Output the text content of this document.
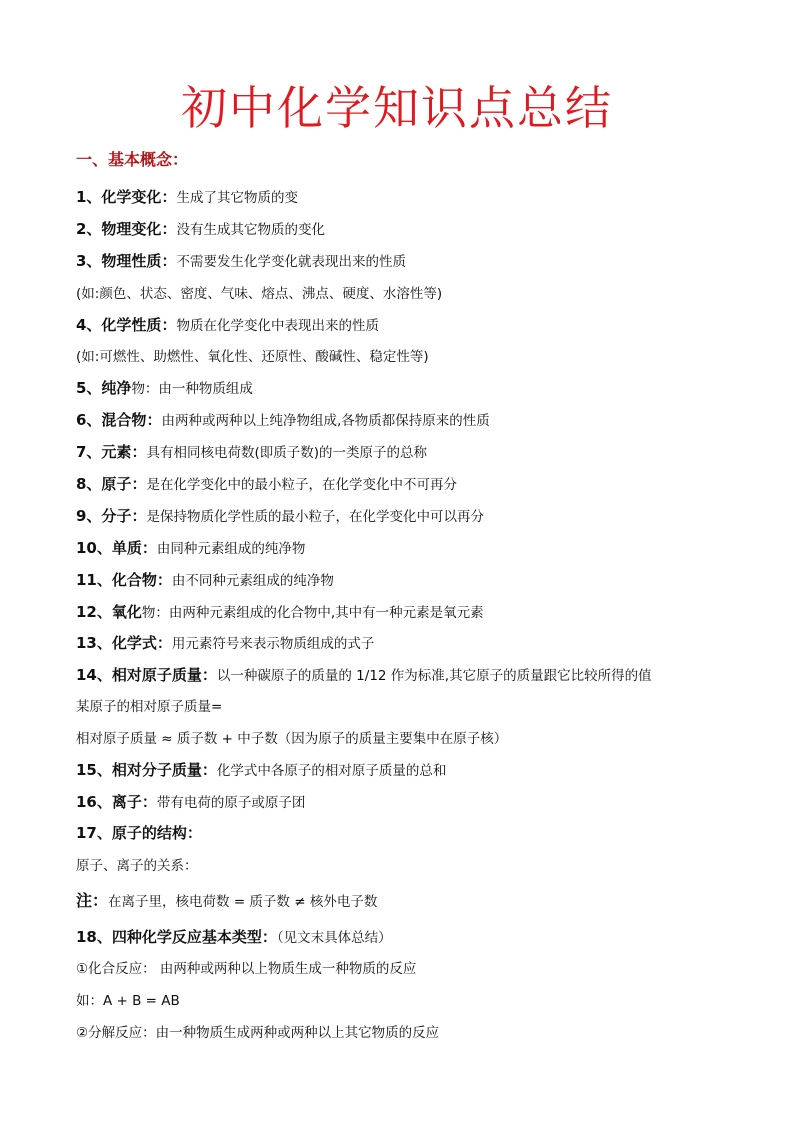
初中化学知识点总结
一、基本概念：
1、化学变化：生成了其它物质的变
2、物理变化：没有生成其它物质的变化
3、物理性质：不需要发生化学变化就表现出来的性质
(如:颜色、状态、密度、气味、熔点、沸点、硬度、水溶性等)
4、化学性质：物质在化学变化中表现出来的性质
(如:可燃性、助燃性、氧化性、还原性、酸碱性、稳定性等)
5、纯净物：由一种物质组成
6、混合物：由两种或两种以上纯净物组成,各物质都保持原来的性质
7、元素：具有相同核电荷数(即质子数)的一类原子的总称
8、原子：是在化学变化中的最小粒子，在化学变化中不可再分
9、分子：是保持物质化学性质的最小粒子，在化学变化中可以再分
10、单质：由同种元素组成的纯净物
11、化合物：由不同种元素组成的纯净物
12、氧化物：由两种元素组成的化合物中,其中有一种元素是氧元素
13、化学式：用元素符号来表示物质组成的式子
14、相对原子质量：以一种碳原子的质量的 1/12 作为标准,其它原子的质量跟它比较所得的值
某原子的相对原子质量=
相对原子质量 ≈ 质子数 + 中子数（因为原子的质量主要集中在原子核）
15、相对分子质量：化学式中各原子的相对原子质量的总和
16、离子：带有电荷的原子或原子团
17、原子的结构：
原子、离子的关系：
注：在离子里，核电荷数 = 质子数 ≠ 核外电子数
18、四种化学反应基本类型：（见文末具体总结）
①化合反应： 由两种或两种以上物质生成一种物质的反应
如：A + B = AB
②分解反应：由一种物质生成两种或两种以上其它物质的反应
